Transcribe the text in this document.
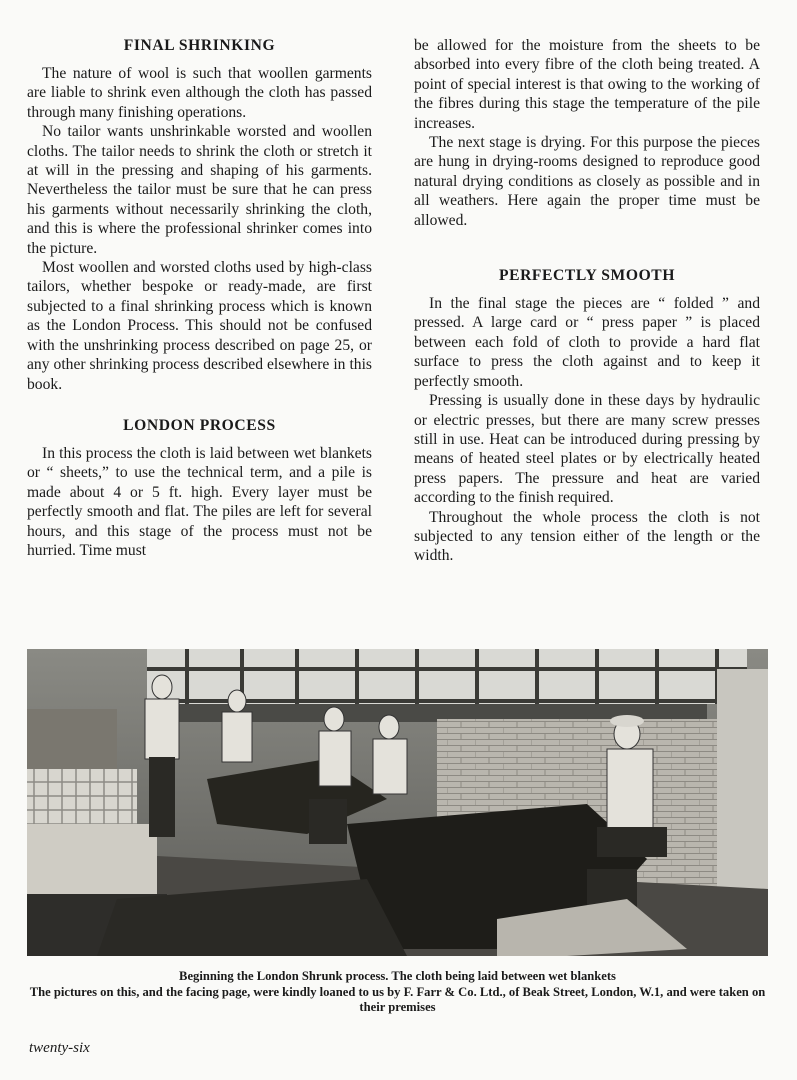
FINAL SHRINKING

The nature of wool is such that woollen garments are liable to shrink even although the cloth has passed through many finishing operations.

No tailor wants unshrinkable worsted and woollen cloths. The tailor needs to shrink the cloth or stretch it at will in the pressing and shaping of his garments. Nevertheless the tailor must be sure that he can press his garments without necessarily shrinking the cloth, and this is where the professional shrinker comes into the picture.

Most woollen and worsted cloths used by high-class tailors, whether bespoke or ready-made, are first subjected to a final shrinking process which is known as the London Process. This should not be confused with the unshrinking process described on page 25, or any other shrinking process described elsewhere in this book.

LONDON PROCESS

In this process the cloth is laid between wet blankets or “ sheets,” to use the technical term, and a pile is made about 4 or 5 ft. high. Every layer must be perfectly smooth and flat. The piles are left for several hours, and this stage of the process must not be hurried. Time must

be allowed for the moisture from the sheets to be absorbed into every fibre of the cloth being treated. A point of special interest is that owing to the working of the fibres during this stage the temperature of the pile increases.

The next stage is drying. For this purpose the pieces are hung in drying-rooms designed to reproduce good natural drying conditions as closely as possible and in all weathers. Here again the proper time must be allowed.

PERFECTLY SMOOTH

In the final stage the pieces are “ folded ” and pressed. A large card or “ press paper ” is placed between each fold of cloth to provide a hard flat surface to press the cloth against and to keep it perfectly smooth.

Pressing is usually done in these days by hydraulic or electric presses, but there are many screw presses still in use. Heat can be introduced during pressing by means of heated steel plates or by electrically heated press papers. The pressure and heat are varied according to the finish required.

Throughout the whole process the cloth is not subjected to any tension either of the length or the width.

Beginning the London Shrunk process. The cloth being laid between wet blankets
The pictures on this, and the facing page, were kindly loaned to us by F. Farr & Co. Ltd., of Beak Street, London, W.1, and were taken on their premises
twenty-six
